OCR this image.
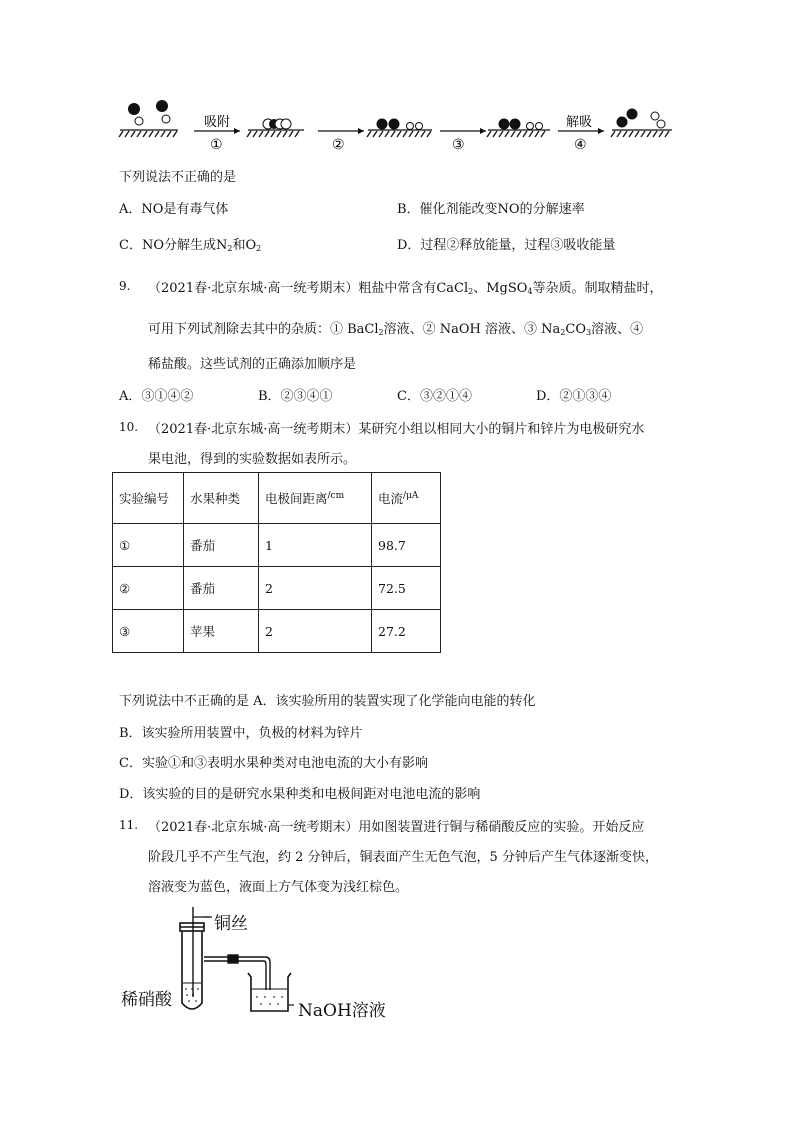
吸附
①	②	③
解吸
④
下列说法不正确的是
A．NO是有毒气体	B．催化剂能改变NO的分解速率
C．NO分解生成$N_2$和$O_2$	D．过程②释放能量，过程③吸收能量
9. （2021春·北京东城·高一统考期末）粗盐中常含有CaCl$_2$、MgSO$_4$等杂质。制取精盐时，
可用下列试剂除去其中的杂质：① BaCl$_2$溶液、② NaOH 溶液、③ $Na_2CO_3$溶液、④
稀盐酸。这些试剂的正确添加顺序是
A．③①④②	B．②③④①	C．③②①④	D．②①③④
10. （2021春·北京东城·高一统考期末）某研究小组以相同大小的铜片和锌片为电极研究水
果电池，得到的实验数据如表所示。
实验编号	水果种类	电极间距离$^{/cm}$	电流$^{/\mu A}$
①	番茄	1	98.7
②	番茄	2	72.5
③	苹果	2	27.2
下列说法中不正确的是 A．该实验所用的装置实现了化学能向电能的转化
B．该实验所用装置中，负极的材料为锌片
C．实验①和③表明水果种类对电池电流的大小有影响
D．该实验的目的是研究水果种类和电极间距对电池电流的影响
11. （2021春·北京东城·高一统考期末）用如图装置进行铜与稀硝酸反应的实验。开始反应
阶段几乎不产生气泡，约 2 分钟后，铜表面产生无色气泡，5 分钟后产生气体逐渐变快，
溶液变为蓝色，液面上方气体变为浅红棕色。
铜丝
稀硝酸
NaOH溶液
